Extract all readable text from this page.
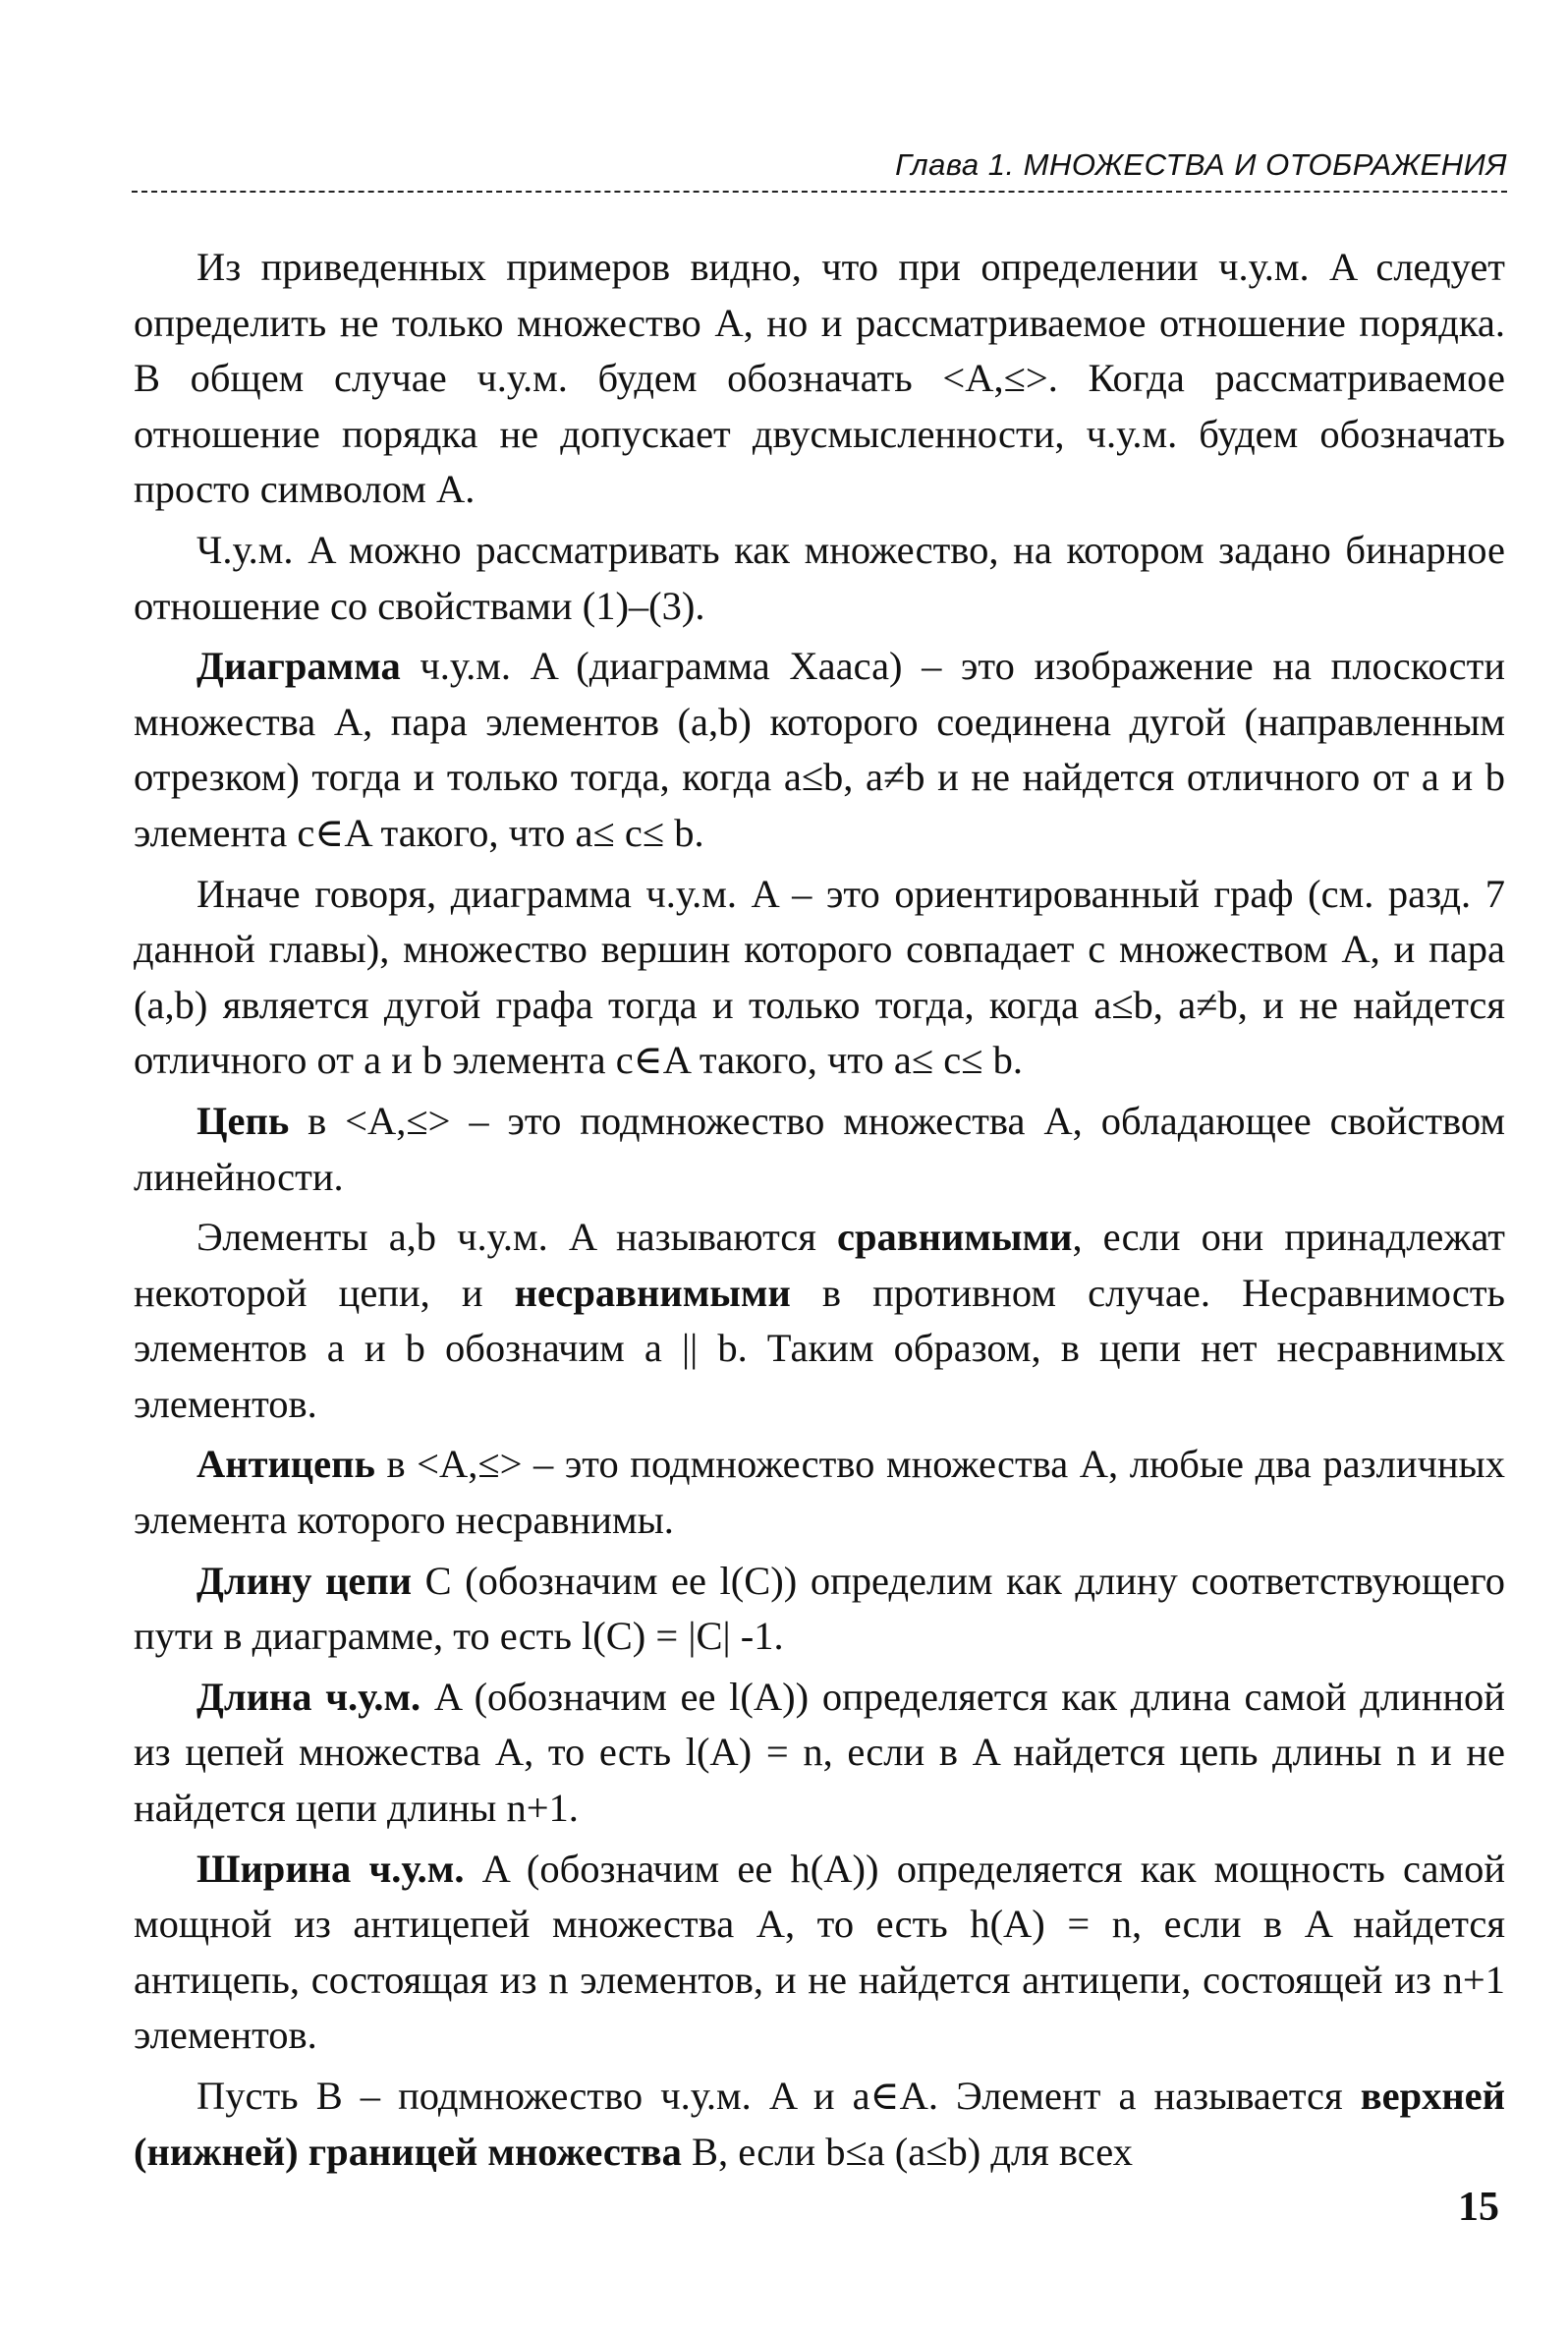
Глава 1. МНОЖЕСТВА И ОТОБРАЖЕНИЯ

Из приведенных примеров видно, что при определении ч.у.м. A следует определить не только множество A, но и рассматриваемое отношение порядка. В общем случае ч.у.м. будем обозначать <A,≤>. Когда рассматриваемое отношение порядка не допускает двусмысленности, ч.у.м. будем обозначать просто символом A.

Ч.у.м. A можно рассматривать как множество, на котором задано бинарное отношение со свойствами (1)–(3).

Диаграмма ч.у.м. A (диаграмма Хааса) – это изображение на плоскости множества A, пара элементов (a,b) которого соединена дугой (направленным отрезком) тогда и только тогда, когда a≤b, a≠b и не найдется отличного от a и b элемента c∈A такого, что a≤ c≤ b.

Иначе говоря, диаграмма ч.у.м. A – это ориентированный граф (см. разд. 7 данной главы), множество вершин которого совпадает с множеством A, и пара (a,b) является дугой графа тогда и только тогда, когда a≤b, a≠b, и не найдется отличного от a и b элемента c∈A такого, что a≤ c≤ b.

Цепь в <A,≤> – это подмножество множества A, обладающее свойством линейности.

Элементы a,b ч.у.м. A называются сравнимыми, если они принадлежат некоторой цепи, и несравнимыми в противном случае. Несравнимость элементов a и b обозначим a || b. Таким образом, в цепи нет несравнимых элементов.

Антицепь в <A,≤> – это подмножество множества A, любые два различных элемента которого несравнимы.

Длину цепи C (обозначим ее l(C)) определим как длину соответствующего пути в диаграмме, то есть l(C) = |C| -1.

Длина ч.у.м. A (обозначим ее l(A)) определяется как длина самой длинной из цепей множества A, то есть l(A) = n, если в A найдется цепь длины n и не найдется цепи длины n+1.

Ширина ч.у.м. A (обозначим ее h(A)) определяется как мощность самой мощной из антицепей множества A, то есть h(A) = n, если в A найдется антицепь, состоящая из n элементов, и не найдется антицепи, состоящей из n+1 элементов.

Пусть B – подмножество ч.у.м. A и a∈A. Элемент a называется верхней (нижней) границей множества B, если b≤a (a≤b) для всех

15
